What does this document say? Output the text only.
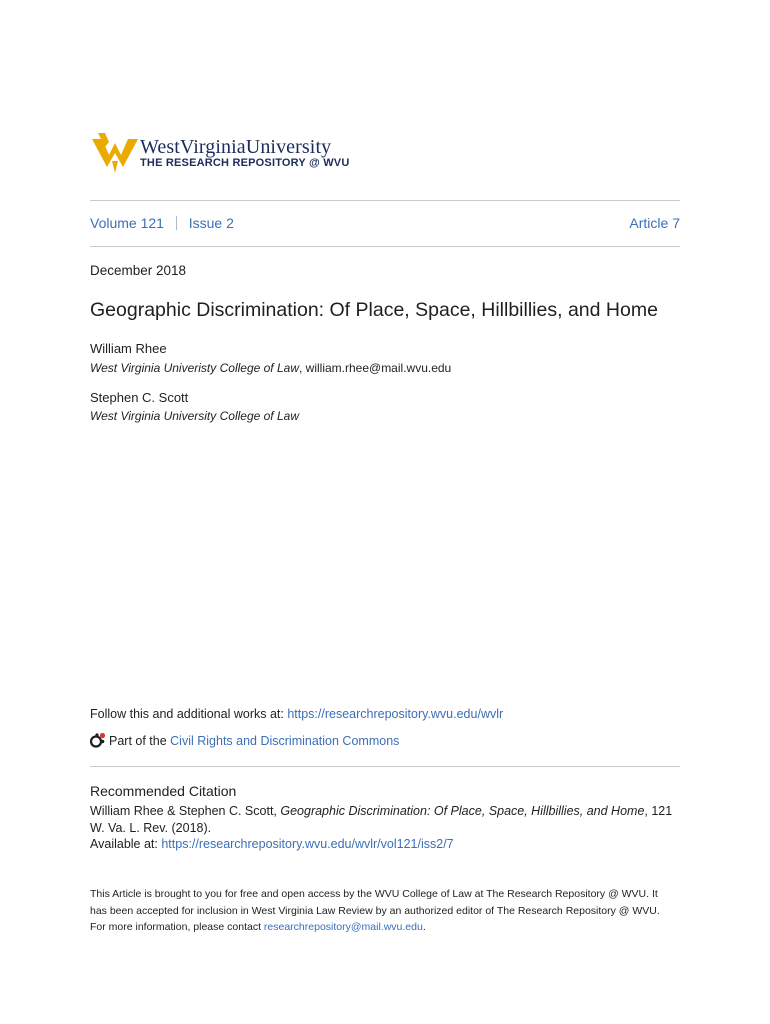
WestVirginiaUniversity
THE RESEARCH REPOSITORY @ WVU
Volume 121 Issue 2	Article 7
December 2018
Geographic Discrimination: Of Place, Space, Hillbillies, and Home
William Rhee
West Virginia Univeristy College of Law, william.rhee@mail.wvu.edu
Stephen C. Scott
West Virginia University College of Law
Follow this and additional works at: https://researchrepository.wvu.edu/wvlr
Part of the Civil Rights and Discrimination Commons
Recommended Citation
William Rhee & Stephen C. Scott, Geographic Discrimination: Of Place, Space, Hillbillies, and Home, 121 W. Va. L. Rev. (2018).
Available at: https://researchrepository.wvu.edu/wvlr/vol121/iss2/7
This Article is brought to you for free and open access by the WVU College of Law at The Research Repository @ WVU. It has been accepted for inclusion in West Virginia Law Review by an authorized editor of The Research Repository @ WVU. For more information, please contact researchrepository@mail.wvu.edu.
